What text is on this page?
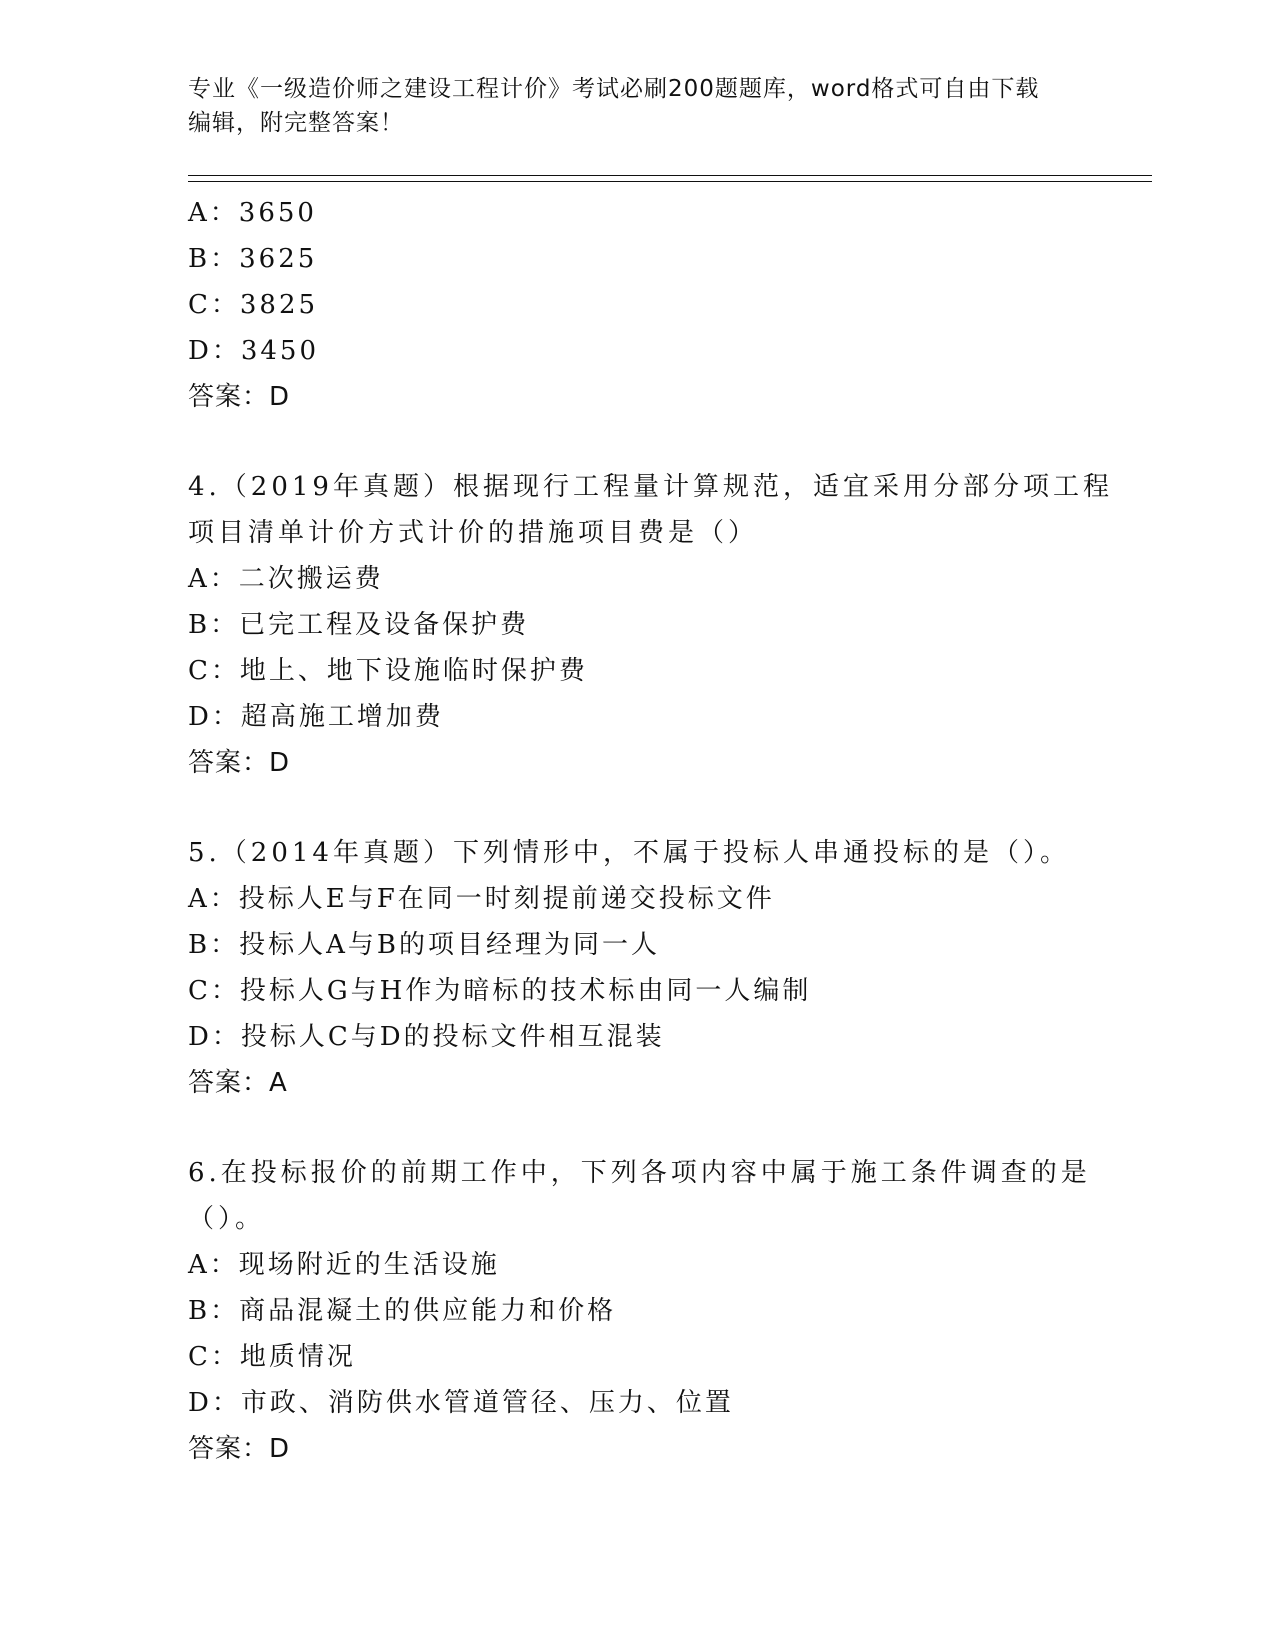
专业《一级造价师之建设工程计价》考试必刷200题题库，word格式可自由下载
编辑，附完整答案！
A：3650
B：3625
C：3825
D：3450
答案：D
4.（2019年真题）根据现行工程量计算规范，适宜采用分部分项工程
项目清单计价方式计价的措施项目费是（）
A：二次搬运费
B：已完工程及设备保护费
C：地上、地下设施临时保护费
D：超高施工增加费
答案：D
5.（2014年真题）下列情形中，不属于投标人串通投标的是（）。
A：投标人E与F在同一时刻提前递交投标文件
B：投标人A与B的项目经理为同一人
C：投标人G与H作为暗标的技术标由同一人编制
D：投标人C与D的投标文件相互混装
答案：A
6.在投标报价的前期工作中，下列各项内容中属于施工条件调查的是
（）。
A：现场附近的生活设施
B：商品混凝土的供应能力和价格
C：地质情况
D：市政、消防供水管道管径、压力、位置
答案：D
